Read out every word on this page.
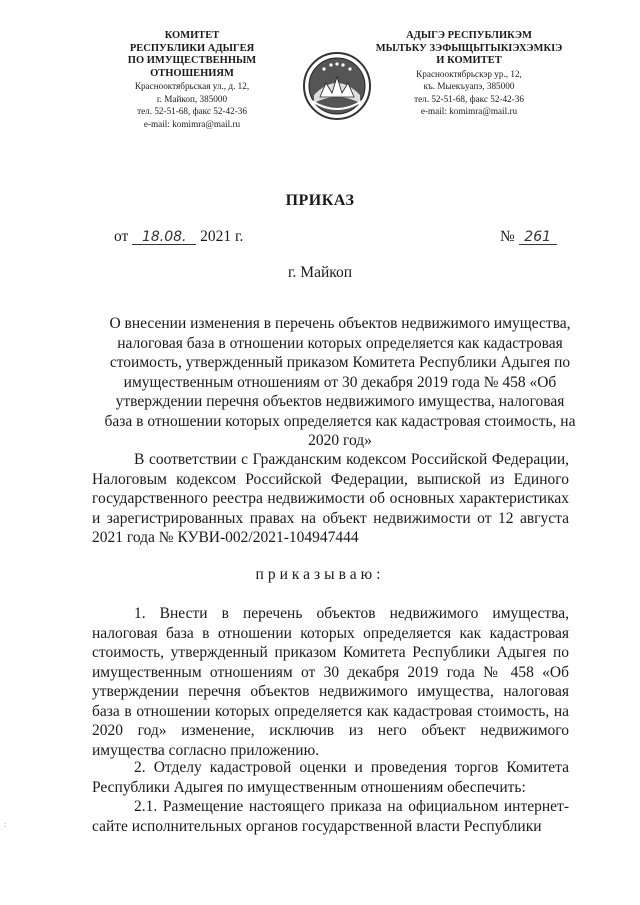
КОМИТЕТ
РЕСПУБЛИКИ АДЫГЕЯ
ПО ИМУЩЕСТВЕННЫМ ОТНОШЕНИЯМ
Краснооктябрьская ул., д. 12,
г. Майкоп, 385000
тел. 52-51-68, факс 52-42-36
e-mail: komimra@mail.ru
АДЫГЭ РЕСПУБЛИКЭМ
МЫЛЪКУ ЗЭФЫЩЫТЫКІЭХЭМКІЭ
И КОМИТЕТ
Краснооктябрьскэр ур., 12,
къ. Мыекъуапэ, 385000
тел. 52-51-68, факс 52-42-36
e-mail: komimra@mail.ru
ПРИКАЗ
от 18.08. 2021 г.	№ 261
г. Майкоп
О внесении изменения в перечень объектов недвижимого имущества, налоговая база в отношении которых определяется как кадастровая стоимость, утвержденный приказом Комитета Республики Адыгея по имущественным отношениям от 30 декабря 2019 года № 458 «Об утверждении перечня объектов недвижимого имущества, налоговая база в отношении которых определяется как кадастровая стоимость, на 2020 год»
В соответствии с Гражданским кодексом Российской Федерации, Налоговым кодексом Российской Федерации, выпиской из Единого государственного реестра недвижимости об основных характеристиках и зарегистрированных правах на объект недвижимости от 12 августа 2021 года № КУВИ-002/2021-104947444
приказываю:
1. Внести в перечень объектов недвижимого имущества, налоговая база в отношении которых определяется как кадастровая стоимость, утвержденный приказом Комитета Республики Адыгея по имущественным отношениям от 30 декабря 2019 года № 458 «Об утверждении перечня объектов недвижимого имущества, налоговая база в отношении которых определяется как кадастровая стоимость, на 2020 год» изменение, исключив из него объект недвижимого имущества согласно приложению.
2. Отделу кадастровой оценки и проведения торгов Комитета Республики Адыгея по имущественным отношениям обеспечить:
2.1. Размещение настоящего приказа на официальном интернет-сайте исполнительных органов государственной власти Республики
:
